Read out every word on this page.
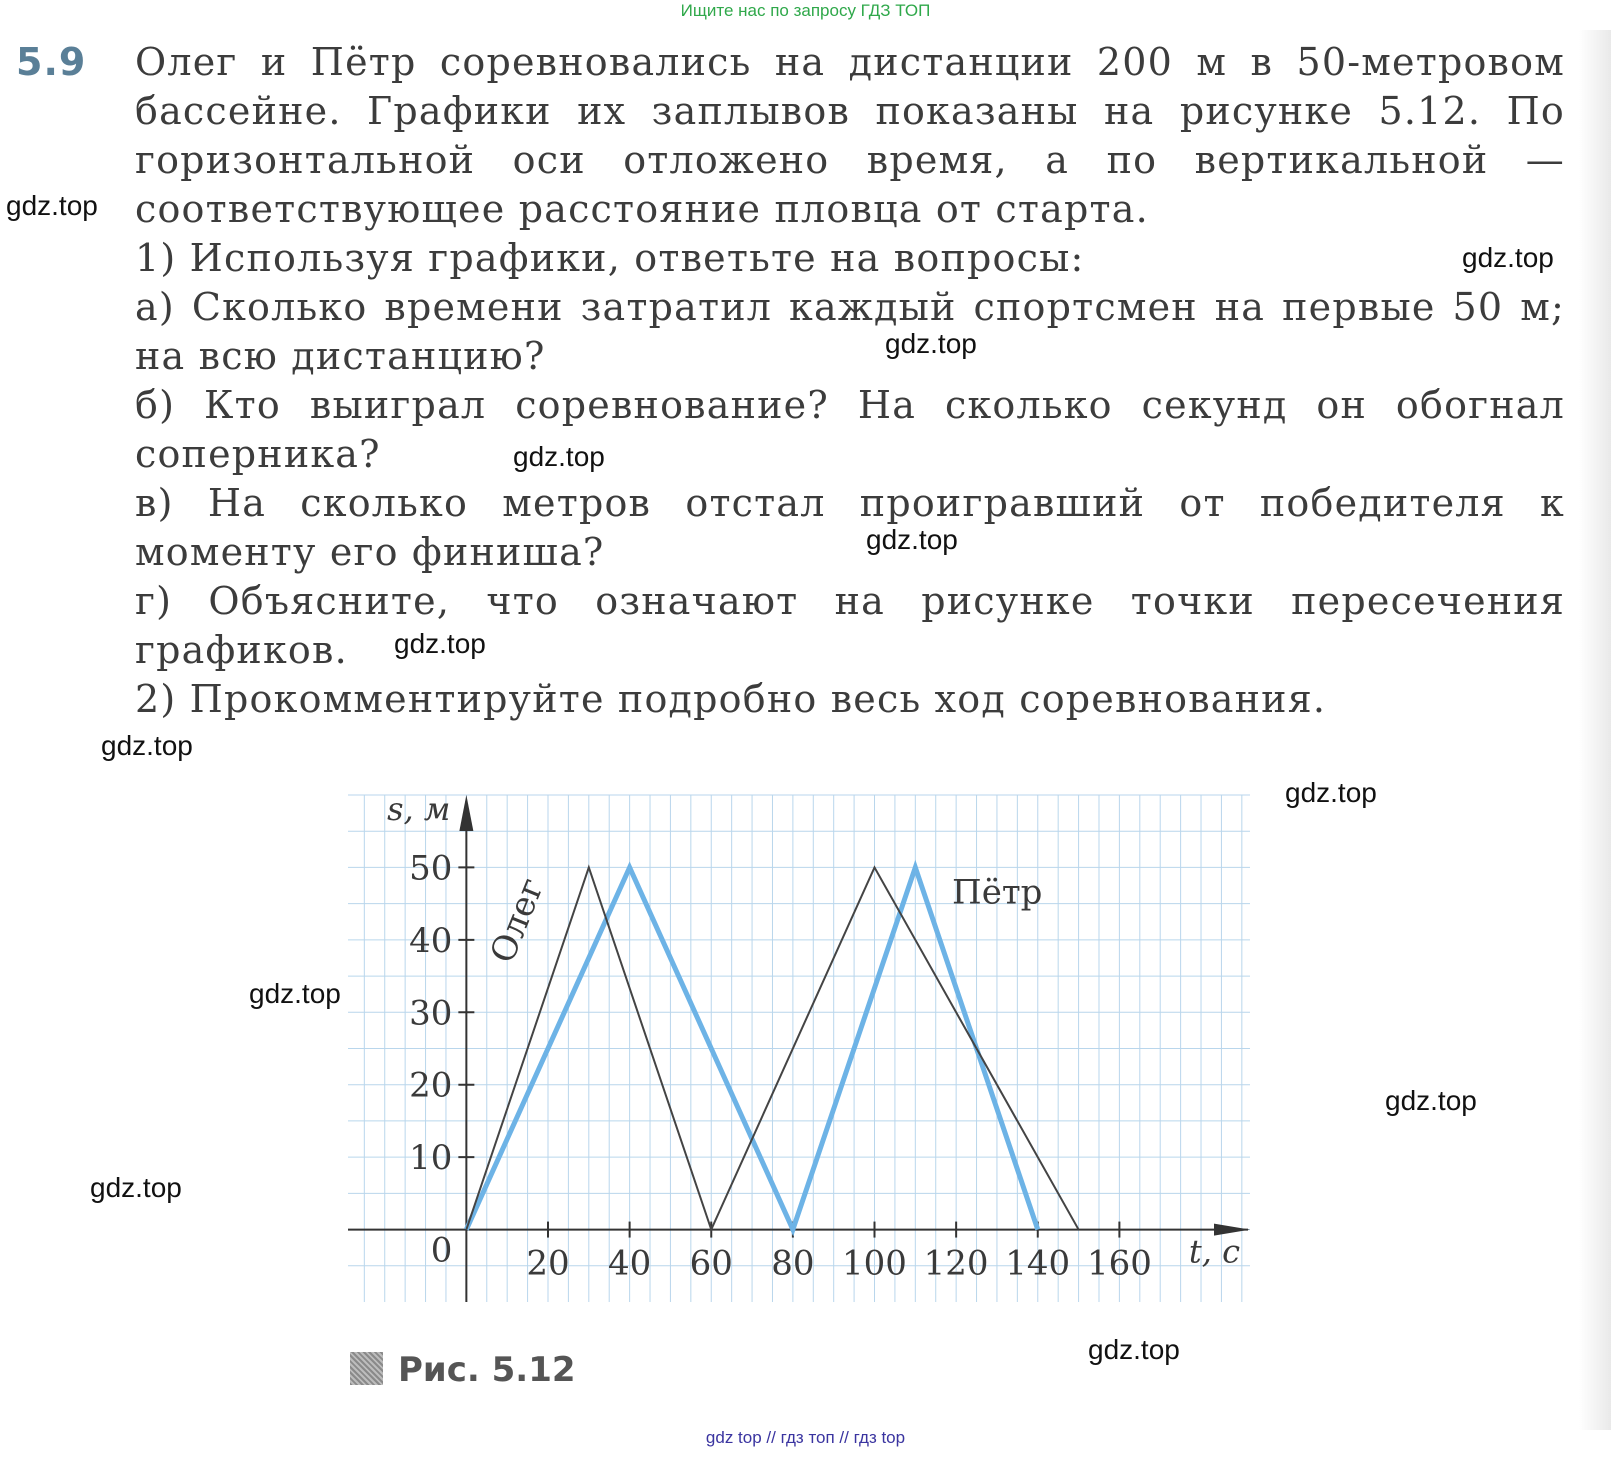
Ищите нас по запросу ГДЗ ТОП
5.9 Олег и Пётр соревновались на дистанции 200 м в 50-метровом бассейне. Графики их заплывов показаны на рисунке 5.12. По горизонтальной оси отложено время, а по вертикальной — соответствующее расстояние пловца от старта.

1) Используя графики, ответьте на вопросы:

а) Сколько времени затратил каждый спортсмен на первые 50 м; на всю дистанцию?

б) Кто выиграл соревнование? На сколько секунд он обогнал соперника?

в) На сколько метров отстал проигравший от победителя к моменту его финиша?

г) Объясните, что означают на рисунке точки пересечения графиков.

2) Прокомментируйте подробно весь ход соревнования.

20 40 60 80 100 120 140 160
10
20
30
40
50
0
s, м
t, с
Олег	Пётр
Рис. 5.12
gdz.top
gdz.top
gdz.top
gdz.top
gdz.top
gdz.top
gdz.top
gdz.top
gdz.top
gdz.top
gdz.top
gdz.top
gdz top // гдз топ // гдз top
